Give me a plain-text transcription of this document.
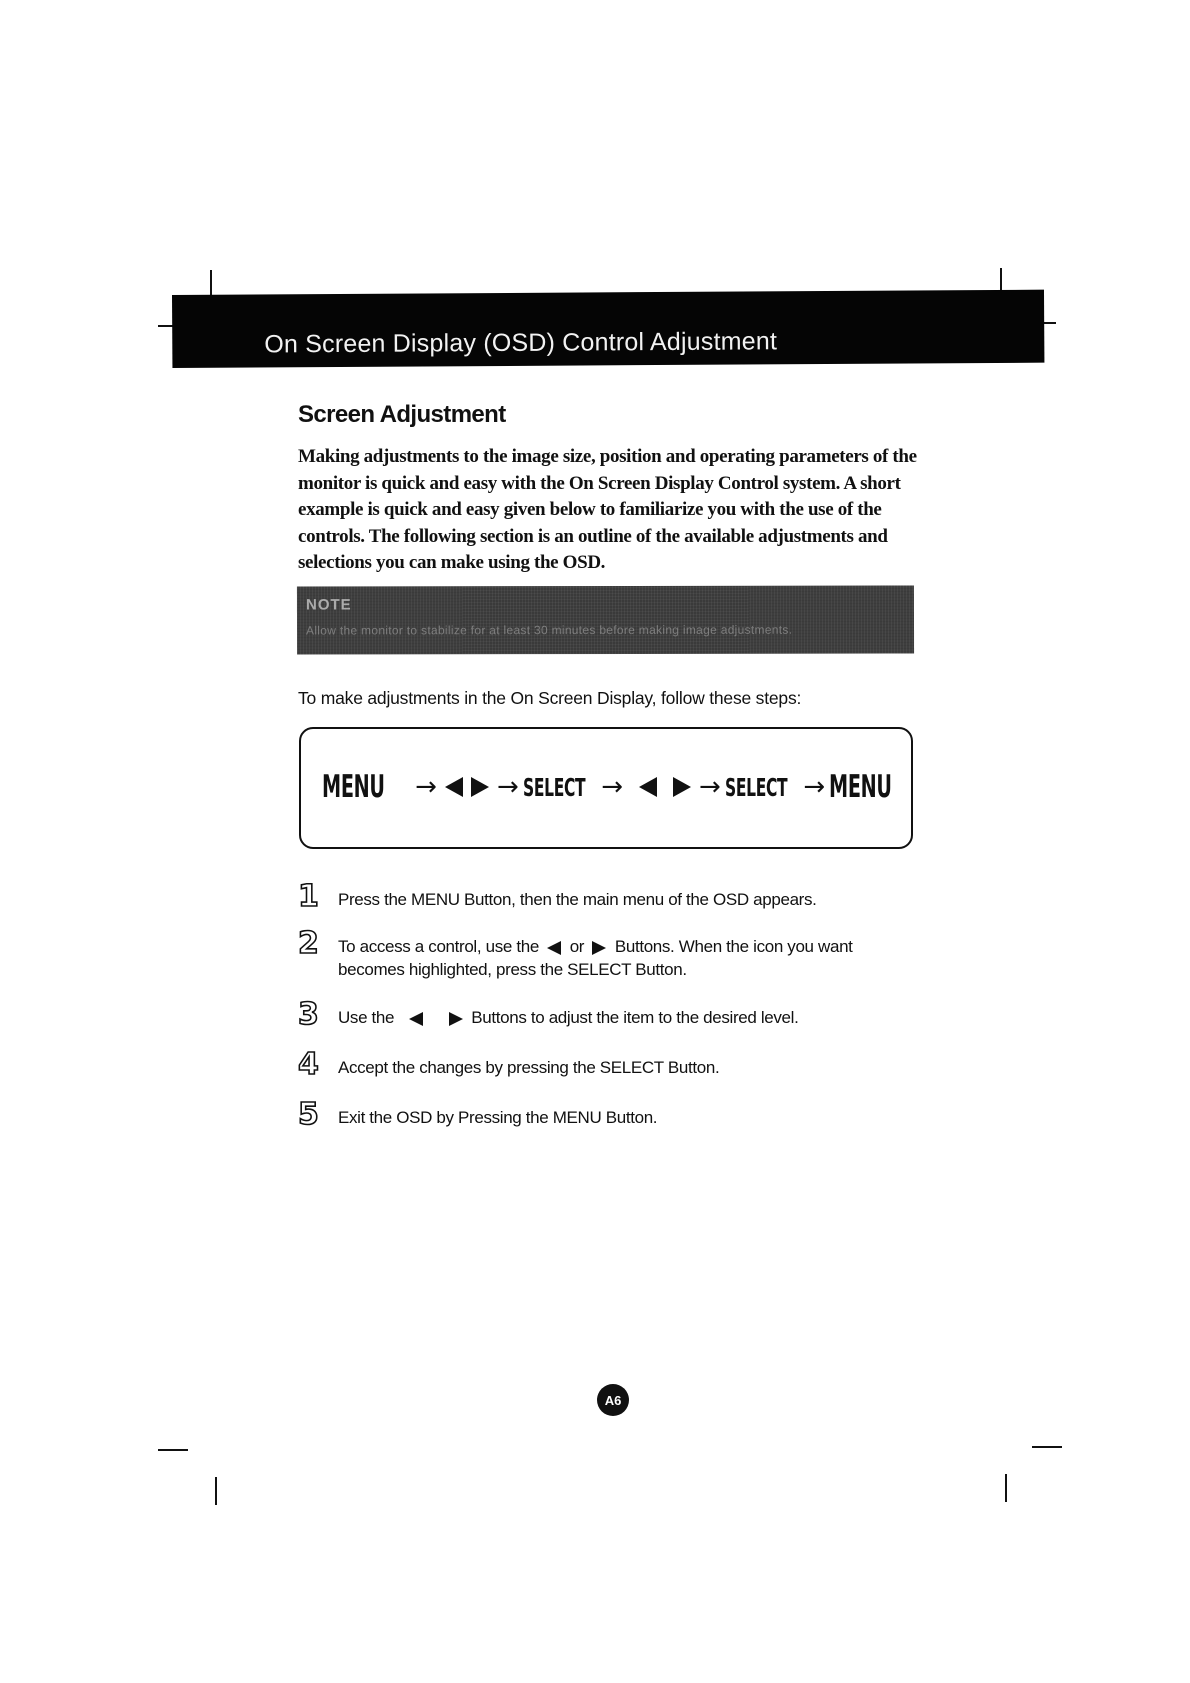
On Screen Display (OSD) Control Adjustment
Screen Adjustment

Making adjustments to the image size, position and operating parameters of the monitor is quick and easy with the On Screen Display Control system. A short example is quick and easy given below to familiarize you with the use of the controls. The following section is an outline of the available adjustments and selections you can make using the OSD.

NOTE
Allow the monitor to stabilize for at least 30 minutes before making image adjustments.
To make adjustments in the On Screen Display, follow these steps:
MENU → → SELECT →	→ SELECT → MENU
1 Press the MENU Button, then the main menu of the OSD appears.
2 To access a control, use the or Buttons. When the icon you want
becomes highlighted, press the SELECT Button.
3 Use the	Buttons to adjust the item to the desired level.
4 Accept the changes by pressing the SELECT Button.
5 Exit the OSD by Pressing the MENU Button.
A6
